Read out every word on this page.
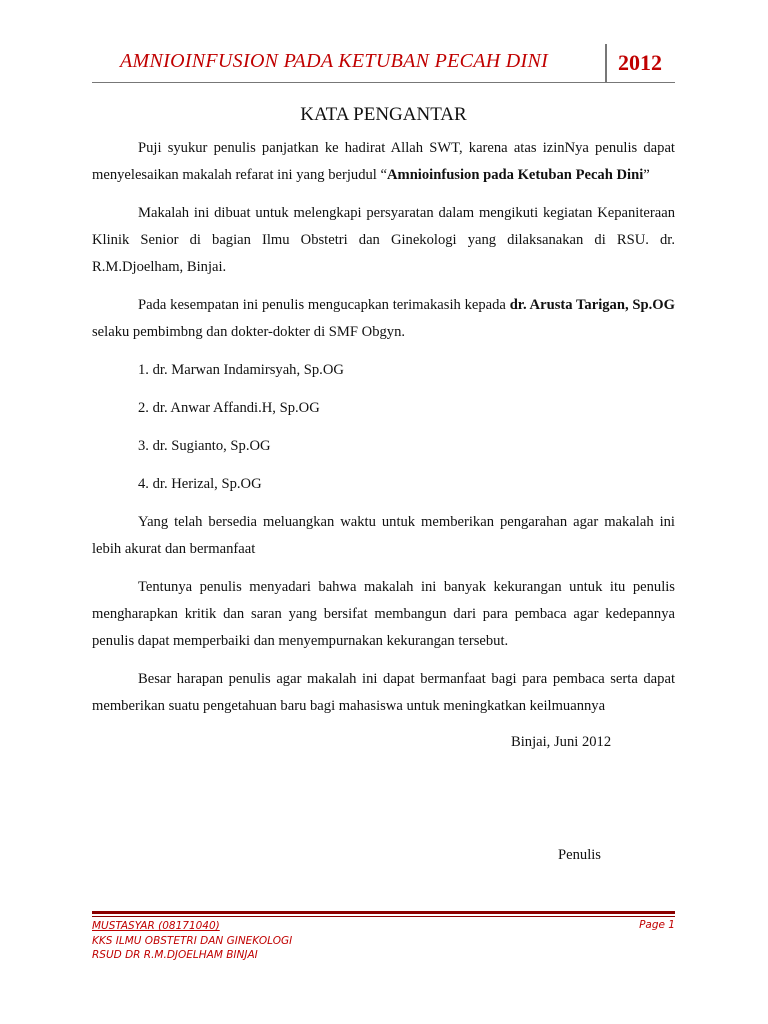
AMNIOINFUSION PADA KETUBAN PECAH DINI	2012
KATA PENGANTAR

Puji syukur penulis panjatkan ke hadirat Allah SWT, karena atas izinNya penulis dapat menyelesaikan makalah refarat ini yang berjudul “Amnioinfusion pada Ketuban Pecah Dini”

Makalah ini dibuat untuk melengkapi persyaratan dalam mengikuti kegiatan Kepaniteraan Klinik Senior di bagian Ilmu Obstetri dan Ginekologi yang dilaksanakan di RSU. dr. R.M.Djoelham, Binjai.

Pada kesempatan ini penulis mengucapkan terimakasih kepada dr. Arusta Tarigan, Sp.OG selaku pembimbng dan dokter-dokter di SMF Obgyn.

1. dr. Marwan Indamirsyah, Sp.OG
2. dr. Anwar Affandi.H, Sp.OG
3. dr. Sugianto, Sp.OG
4. dr. Herizal, Sp.OG

Yang telah bersedia meluangkan waktu untuk memberikan pengarahan agar makalah ini lebih akurat dan bermanfaat

Tentunya penulis menyadari bahwa makalah ini banyak kekurangan untuk itu penulis mengharapkan kritik dan saran yang bersifat membangun dari para pembaca agar kedepannya penulis dapat memperbaiki dan menyempurnakan kekurangan tersebut.

Besar harapan penulis agar makalah ini dapat bermanfaat bagi para pembaca serta dapat memberikan suatu pengetahuan baru bagi mahasiswa untuk meningkatkan keilmuannya

Binjai, Juni 2012
Penulis
MUSTASYAR (08171040)
KKS ILMU OBSTETRI DAN GINEKOLOGI
RSUD DR R.M.DJOELHAM BINJAI
Page 1
